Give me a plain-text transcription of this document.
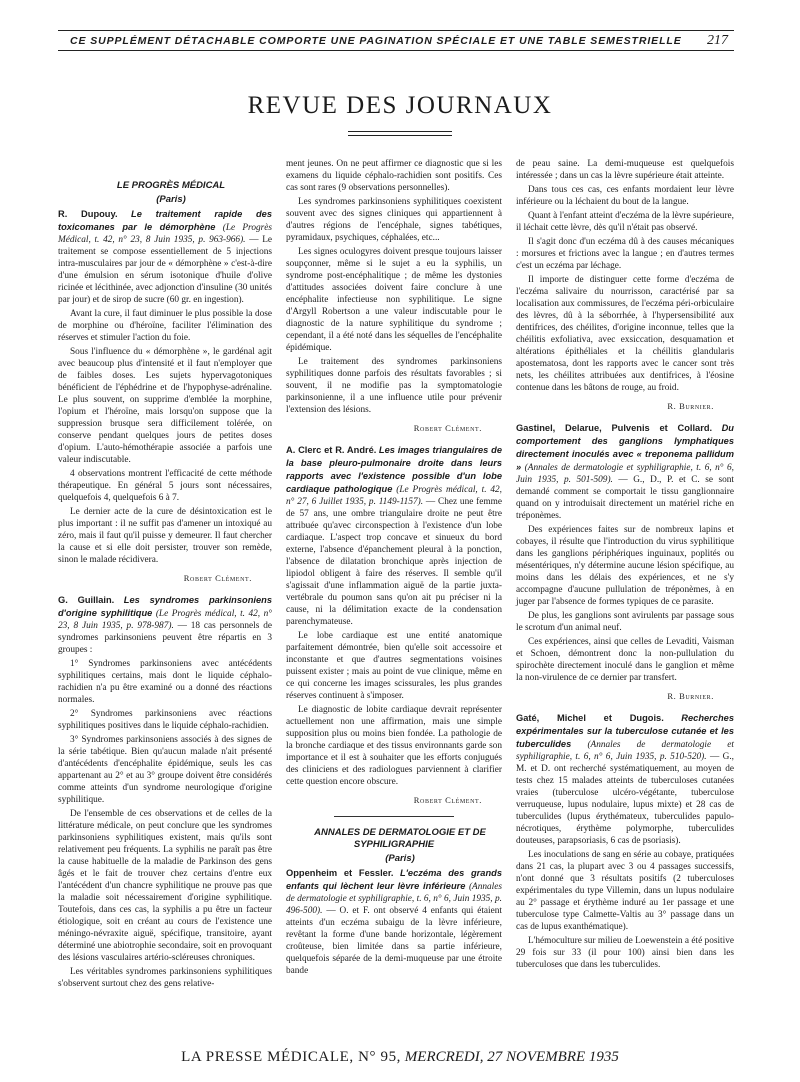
CE SUPPLÉMENT DÉTACHABLE COMPORTE UNE PAGINATION SPÉCIALE ET UNE TABLE SEMESTRIELLE 217
REVUE DES JOURNAUX

LE PROGRÈS MÉDICAL

(Paris)

R. Dupouy. Le traitement rapide des toxicomanes par le démorphène (Le Progrès Médical, t. 42, n° 23, 8 Juin 1935, p. 963-966). — Le traitement se compose essentiellement de 5 injections intra-musculaires par jour de « démorphène » c'est-à-dire d'une émulsion en sérum isotonique d'huile d'olive ricinée et lécithinée, avec adjonction d'insuline (30 unités par jour) et de sirop de sucre (60 gr. en ingestion).

Avant la cure, il faut diminuer le plus possible la dose de morphine ou d'héroïne, faciliter l'élimination des réserves et stimuler l'action du foie.

Sous l'influence du « démorphène », le gardénal agit avec beaucoup plus d'intensité et il faut n'employer que de faibles doses. Les sujets hypervagotoniques bénéficient de l'éphédrine et de l'hypophyse-adrénaline. Le plus souvent, on supprime d'emblée la morphine, l'opium et l'héroïne, mais lorsqu'on suppose que la suppression brusque sera difficilement tolérée, on conserve pendant quelques jours de petites doses d'opium. L'auto-hémothérapie associée a parfois une valeur indiscutable.

4 observations montrent l'efficacité de cette méthode thérapeutique. En général 5 jours sont nécessaires, quelquefois 4, quelquefois 6 à 7.

Le dernier acte de la cure de désintoxication est le plus important : il ne suffit pas d'amener un intoxiqué au zéro, mais il faut qu'il puisse y demeurer. Il faut chercher la cause et si elle doit persister, trouver son remède, sinon le malade récidivera.

Robert Clément.

G. Guillain. Les syndromes parkinsoniens d'origine syphilitique (Le Progrès médical, t. 42, n° 23, 8 Juin 1935, p. 978-987). — 18 cas personnels de syndromes parkinsoniens peuvent être répartis en 3 groupes :

1° Syndromes parkinsoniens avec antécédents syphilitiques certains, mais dont le liquide céphalo-rachidien n'a pu être examiné ou a donné des réactions normales.

2° Syndromes parkinsoniens avec réactions syphilitiques positives dans le liquide céphalo-rachidien.

3° Syndromes parkinsoniens associés à des signes de la série tabétique. Bien qu'aucun malade n'ait présenté d'antécédents d'encéphalite épidémique, seuls les cas appartenant au 2° et au 3° groupe doivent être considérés comme atteints d'un syndrome neurologique d'origine syphilitique.

De l'ensemble de ces observations et de celles de la littérature médicale, on peut conclure que les syndromes parkinsoniens syphilitiques existent, mais qu'ils sont relativement peu fréquents. La syphilis ne paraît pas être la cause habituelle de la maladie de Parkinson des gens âgés et le fait de trouver chez certains d'entre eux l'antécédent d'un chancre syphilitique ne prouve pas que la maladie soit nécessairement d'origine syphilitique. Toutefois, dans ces cas, la syphilis a pu être un facteur étiologique, soit en créant au cours de l'existence une méningo-névraxite aiguë, spécifique, transitoire, ayant déterminé une abiotrophie secondaire, soit en provoquant des lésions vasculaires artério-scléreuses chroniques.

Les véritables syndromes parkinsoniens syphilitiques s'observent surtout chez des gens relative-

ment jeunes. On ne peut affirmer ce diagnostic que si les examens du liquide céphalo-rachidien sont positifs. Ces cas sont rares (9 observations personnelles).

Les syndromes parkinsoniens syphilitiques coexistent souvent avec des signes cliniques qui appartiennent à d'autres régions de l'encéphale, signes tabétiques, pyramidaux, psychiques, céphalées, etc...

Les signes oculogyres doivent presque toujours laisser soupçonner, même si le sujet a eu la syphilis, un syndrome post-encéphalitique ; de même les dystonies d'attitudes associées doivent faire conclure à une encéphalite infectieuse non syphilitique. Le signe d'Argyll Robertson a une valeur indiscutable pour le diagnostic de la nature syphilitique du syndrome ; cependant, il a été noté dans les séquelles de l'encéphalite épidémique.

Le traitement des syndromes parkinsoniens syphilitiques donne parfois des résultats favorables ; si souvent, il ne modifie pas la symptomatologie parkinsonienne, il a une influence utile pour prévenir l'extension des lésions.

Robert Clément.

A. Clerc et R. André. Les images triangulaires de la base pleuro-pulmonaire droite dans leurs rapports avec l'existence possible d'un lobe cardiaque pathologique (Le Progrès médical, t. 42, n° 27, 6 Juillet 1935, p. 1149-1157). — Chez une femme de 57 ans, une ombre triangulaire droite ne peut être attribuée qu'avec circonspection à l'existence d'un lobe cardiaque. L'aspect trop concave et sinueux du bord externe, l'absence d'épanchement pleural à la ponction, l'absence de dilatation bronchique après injection de lipiodol obligent à faire des réserves. Il semble qu'il s'agissait d'une inflammation aiguë de la partie juxta-vertébrale du poumon sans qu'on ait pu préciser ni la cause, ni la délimitation exacte de la condensation parenchymateuse.

Le lobe cardiaque est une entité anatomique parfaitement démontrée, bien qu'elle soit accessoire et inconstante et que d'autres segmentations voisines puissent exister ; mais au point de vue clinique, même en ce qui concerne les images scissurales, les plus grandes réserves continuent à s'imposer.

Le diagnostic de lobite cardiaque devrait représenter actuellement non une affirmation, mais une simple supposition plus ou moins bien fondée. La pathologie de la bronche cardiaque et des tissus environnants garde son importance et il est à souhaiter que les efforts conjugués des cliniciens et des radiologues parviennent à clarifier cette question encore obscure.

Robert Clément.

ANNALES DE DERMATOLOGIE ET DE SYPHILIGRAPHIE

(Paris)

Oppenheim et Fessler. L'eczéma des grands enfants qui lèchent leur lèvre inférieure (Annales de dermatologie et syphiligraphie, t. 6, n° 6, Juin 1935, p. 496-500). — O. et F. ont observé 4 enfants qui étaient atteints d'un eczéma subaigu de la lèvre inférieure, revêtant la forme d'une bande horizontale, légèrement croûteuse, bien limitée dans sa partie inférieure, quelquefois séparée de la demi-muqueuse par une étroite bande

de peau saine. La demi-muqueuse est quelquefois intéressée ; dans un cas la lèvre supérieure était atteinte.

Dans tous ces cas, ces enfants mordaient leur lèvre inférieure ou la léchaient du bout de la langue.

Quant à l'enfant atteint d'eczéma de la lèvre supérieure, il léchait cette lèvre, dès qu'il n'était pas observé.

Il s'agit donc d'un eczéma dû à des causes mécaniques : morsures et frictions avec la langue ; en d'autres termes c'est un eczéma par léchage.

Il importe de distinguer cette forme d'eczéma de l'eczéma salivaire du nourrisson, caractérisé par sa localisation aux commissures, de l'eczéma péri-orbiculaire des lèvres, dû à la séborrhée, à l'hypersensibilité aux dentifrices, des chéilites, d'origine inconnue, telles que la chéilitis exfoliativa, avec exsiccation, desquamation et altérations épithéliales et la chéilitis glandularis apostematosa, dont les rapports avec le cancer sont très nets, les chéilites attribuées aux dentifrices, à l'éosine contenue dans les bâtons de rouge, au froid.

R. Burnier.

Gastinel, Delarue, Pulvenis et Collard. Du comportement des ganglions lymphatiques directement inoculés avec « treponema pallidum » (Annales de dermatologie et syphiligraphie, t. 6, n° 6, Juin 1935, p. 501-509). — G., D., P. et C. se sont demandé comment se comportait le tissu ganglionnaire quand on y introduisait directement un matériel riche en tréponèmes.

Des expériences faites sur de nombreux lapins et cobayes, il résulte que l'introduction du virus syphilitique dans les ganglions périphériques inguinaux, poplités ou mésentériques, n'y détermine aucune lésion spécifique, au moins dans les délais des expériences, et ne s'y accompagne d'aucune pullulation de tréponèmes, à en juger par l'absence de formes typiques de ce parasite.

De plus, les ganglions sont avirulents par passage sous le scrotum d'un animal neuf.

Ces expériences, ainsi que celles de Levaditi, Vaisman et Schoen, démontrent donc la non-pullulation du spirochète directement inoculé dans le ganglion et même la non-virulence de ce dernier par transfert.

R. Burnier.

Gaté, Michel et Dugois. Recherches expérimentales sur la tuberculose cutanée et les tuberculides (Annales de dermatologie et syphiligraphie, t. 6, n° 6, Juin 1935, p. 510-520). — G., M. et D. ont recherché systématiquement, au moyen de tests chez 15 malades atteints de tuberculoses cutanées vraies (tuberculose ulcéro-végétante, tuberculose verruqueuse, lupus nodulaire, lupus mixte) et 28 cas de tuberculides (lupus érythémateux, tuberculides papulo-nécrotiques, érythème polymorphe, tuberculides douteuses, parapsoriasis, 6 cas de psoriasis).

Les inoculations de sang en série au cobaye, pratiquées dans 21 cas, la plupart avec 3 ou 4 passages successifs, n'ont donné que 3 résultats positifs (2 tuberculoses expérimentales du type Villemin, dans un lupus nodulaire au 2° passage et érythème induré au 1er passage et une tuberculose type Calmette-Valtis au 3° passage dans un cas de lupus exanthématique).

L'hémoculture sur milieu de Loewenstein a été positive 29 fois sur 33 (il pour 100) ainsi bien dans les tuberculoses que dans les tuberculides.

LA PRESSE MÉDICALE, N° 95, MERCREDI, 27 NOVEMBRE 1935
